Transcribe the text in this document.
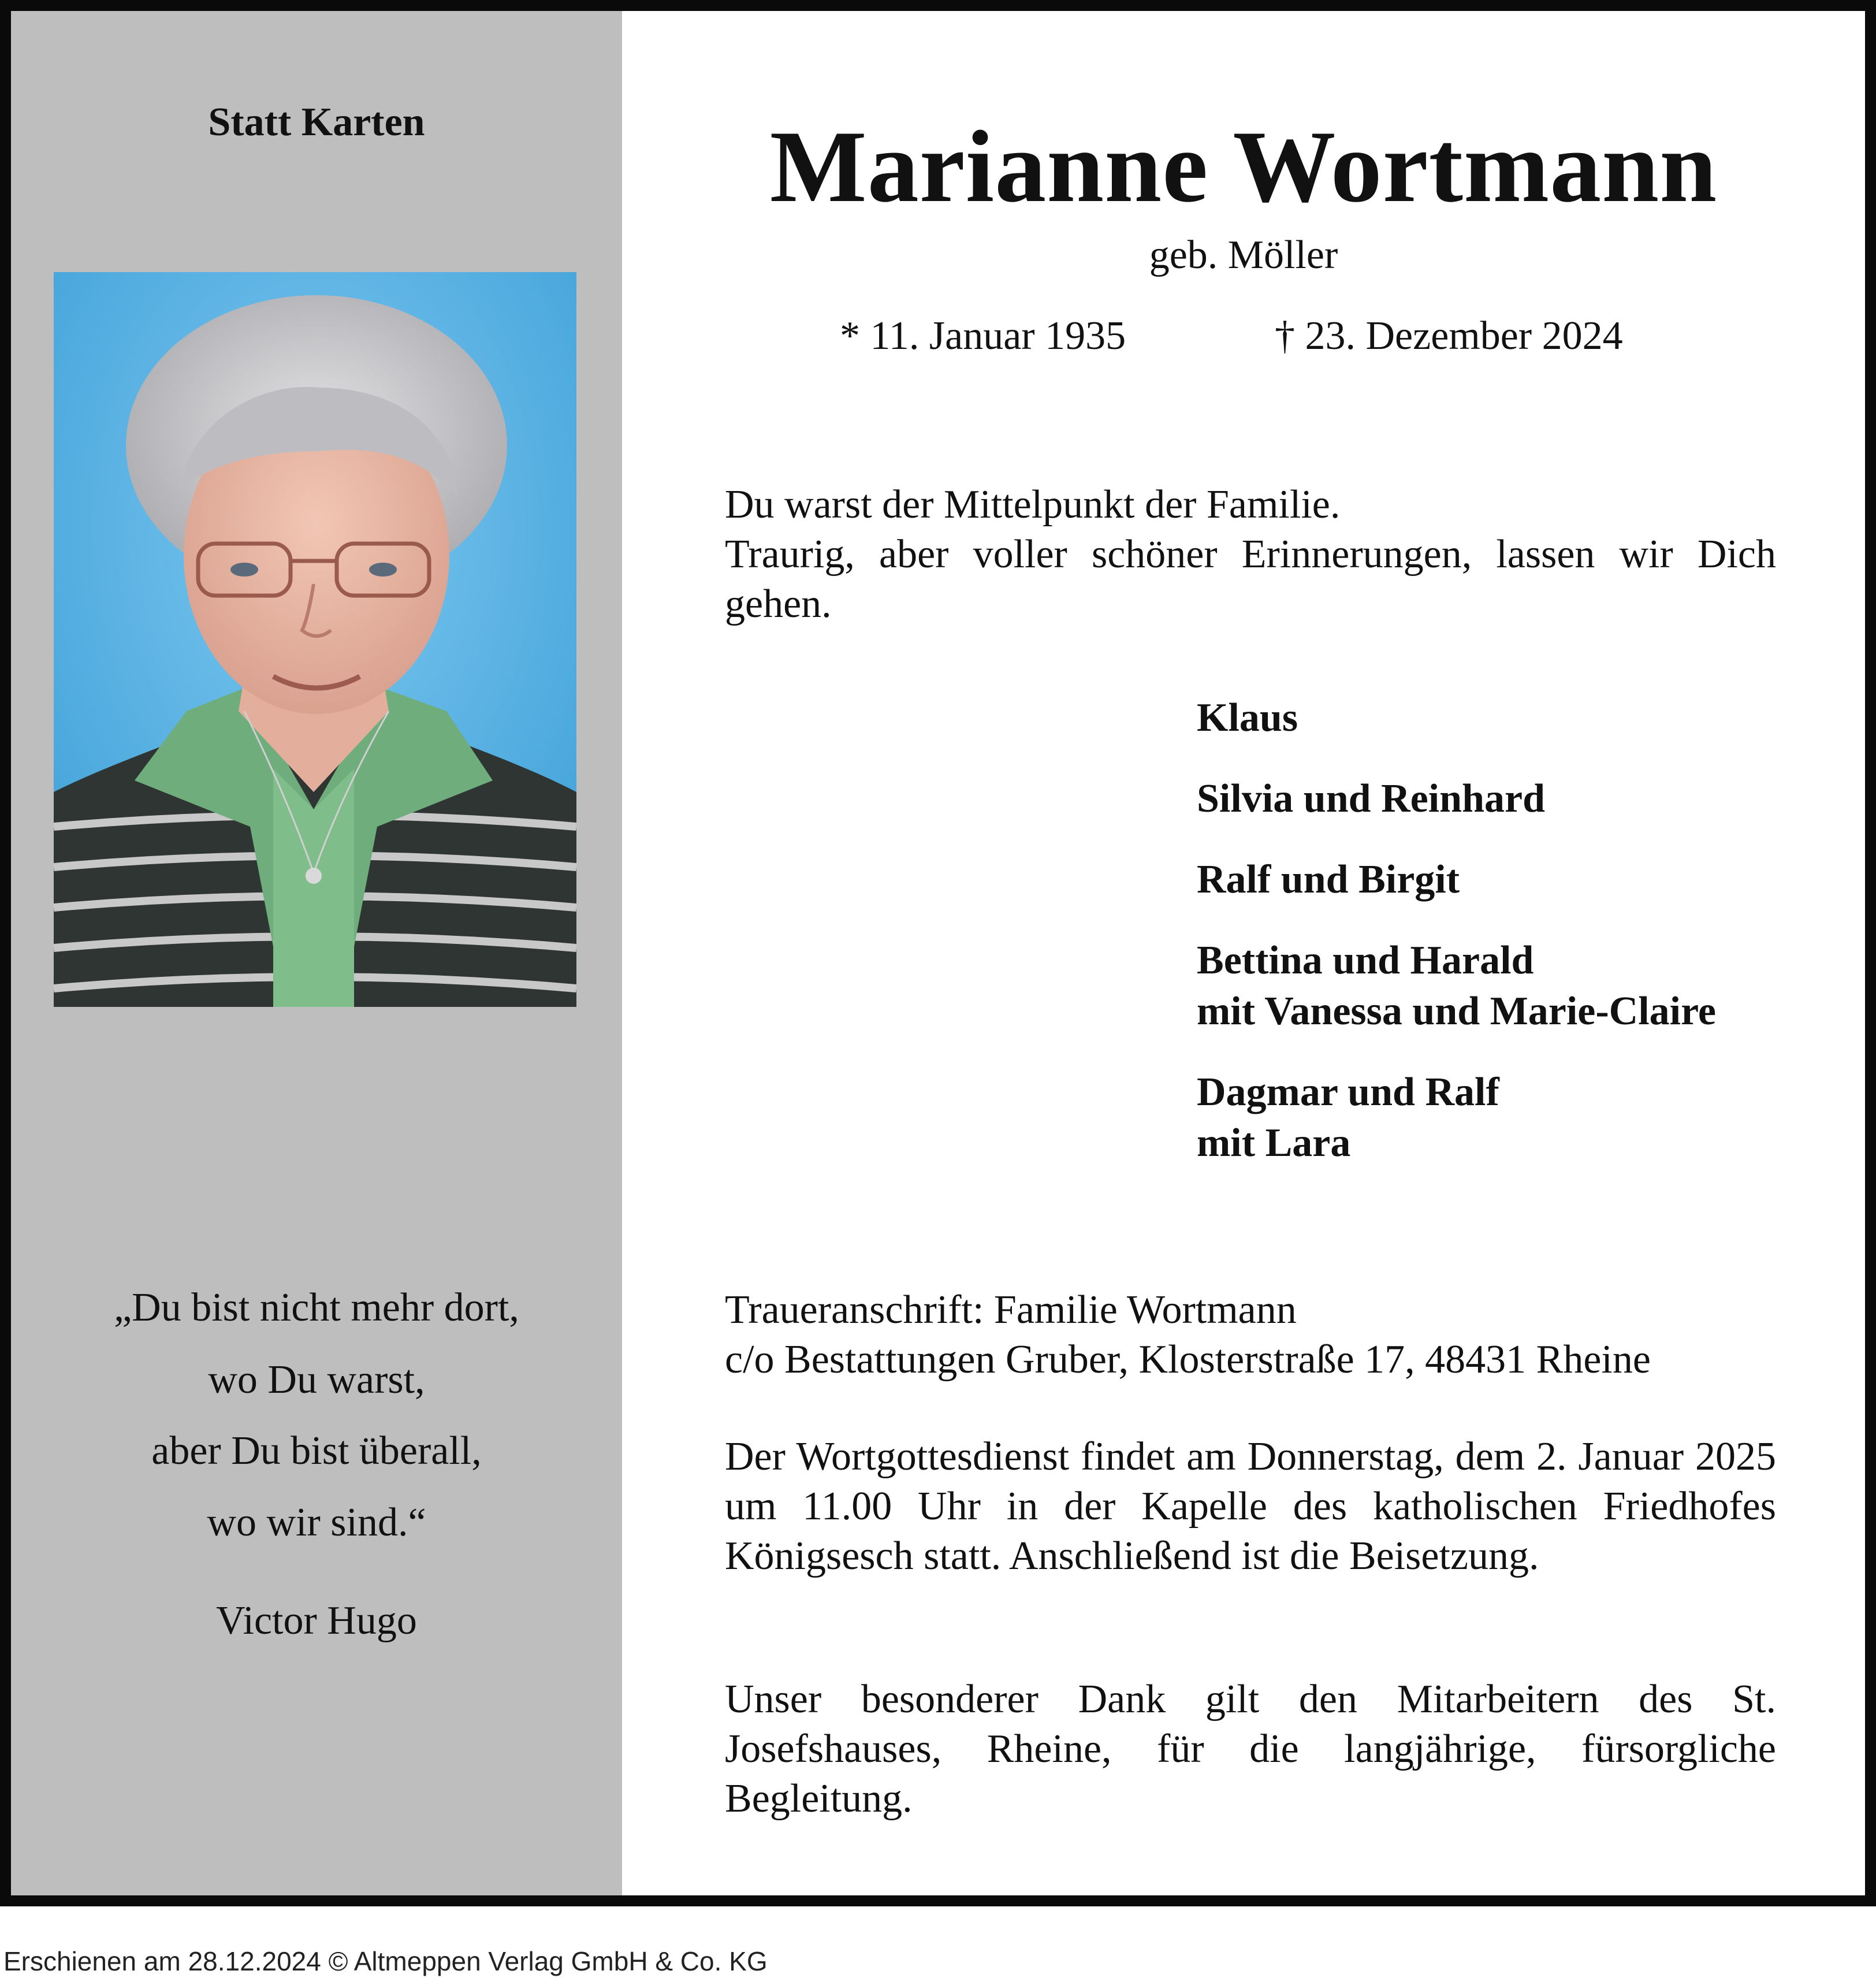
Statt Karten
„Du bist nicht mehr dort,
wo Du warst,
aber Du bist überall,
wo wir sind.“
Victor Hugo
Marianne Wortmann
geb. Möller
* 11. Januar 1935	† 23. Dezember 2024

Du warst der Mittelpunkt der Familie.

Traurig, aber voller schöner Erinnerungen, lassen wir Dich gehen.

Klaus
Silvia und Reinhard
Ralf und Birgit
Bettina und Harald
mit Vanessa und Marie-Claire
Dagmar und Ralf
mit Lara

Traueranschrift: Familie Wortmann

c/o Bestattungen Gruber, Klosterstraße 17, 48431 Rheine

Der Wortgottesdienst findet am Donnerstag, dem 2. Januar 2025 um 11.00 Uhr in der Kapelle des katholischen Friedhofes Königsesch statt. Anschließend ist die Beisetzung.

Unser besonderer Dank gilt den Mitarbeitern des St. Josefshauses, Rheine, für die langjährige, fürsorgliche Begleitung.

Erschienen am 28.12.2024 © Altmeppen Verlag GmbH & Co. KG
